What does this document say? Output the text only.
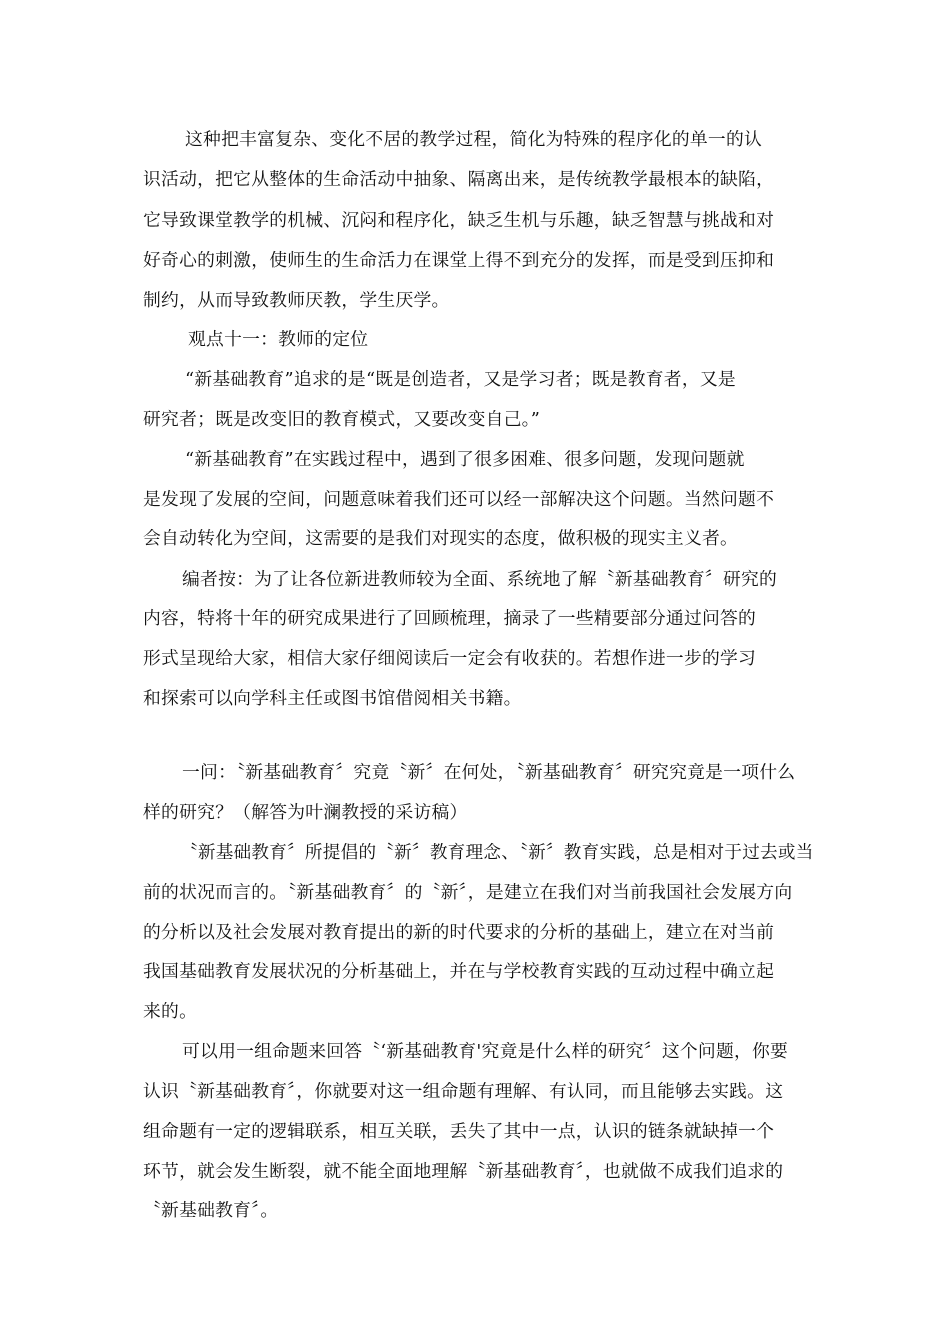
这种把丰富复杂、变化不居的教学过程，简化为特殊的程序化的单一的认

识活动，把它从整体的生命活动中抽象、隔离出来，是传统教学最根本的缺陷，

它导致课堂教学的机械、沉闷和程序化，缺乏生机与乐趣，缺乏智慧与挑战和对

好奇心的刺激，使师生的生命活力在课堂上得不到充分的发挥，而是受到压抑和

制约，从而导致教师厌教，学生厌学。

观点十一：教师的定位

“新基础教育”追求的是“既是创造者，又是学习者；既是教育者，又是

研究者；既是改变旧的教育模式，又要改变自己。”

“新基础教育”在实践过程中，遇到了很多困难、很多问题，发现问题就

是发现了发展的空间，问题意味着我们还可以经一部解决这个问题。当然问题不

会自动转化为空间，这需要的是我们对现实的态度，做积极的现实主义者。

编者按：为了让各位新进教师较为全面、系统地了解〝新基础教育〞研究的

内容，特将十年的研究成果进行了回顾梳理，摘录了一些精要部分通过问答的

形式呈现给大家，相信大家仔细阅读后一定会有收获的。若想作进一步的学习

和探索可以向学科主任或图书馆借阅相关书籍。

一问：〝新基础教育〞究竟〝新〞在何处，〝新基础教育〞研究究竟是一项什么

样的研究？（解答为叶澜教授的采访稿）

〝新基础教育〞所提倡的〝新〞教育理念、〝新〞教育实践，总是相对于过去或当

前的状况而言的。〝新基础教育〞的〝新〞，是建立在我们对当前我国社会发展方向

的分析以及社会发展对教育提出的新的时代要求的分析的基础上，建立在对当前

我国基础教育发展状况的分析基础上，并在与学校教育实践的互动过程中确立起

来的。

可以用一组命题来回答〝‘新基础教育'究竟是什么样的研究〞这个问题，你要

认识〝新基础教育〞，你就要对这一组命题有理解、有认同，而且能够去实践。这

组命题有一定的逻辑联系，相互关联，丢失了其中一点，认识的链条就缺掉一个

环节，就会发生断裂，就不能全面地理解〝新基础教育〞，也就做不成我们追求的

〝新基础教育〞。
